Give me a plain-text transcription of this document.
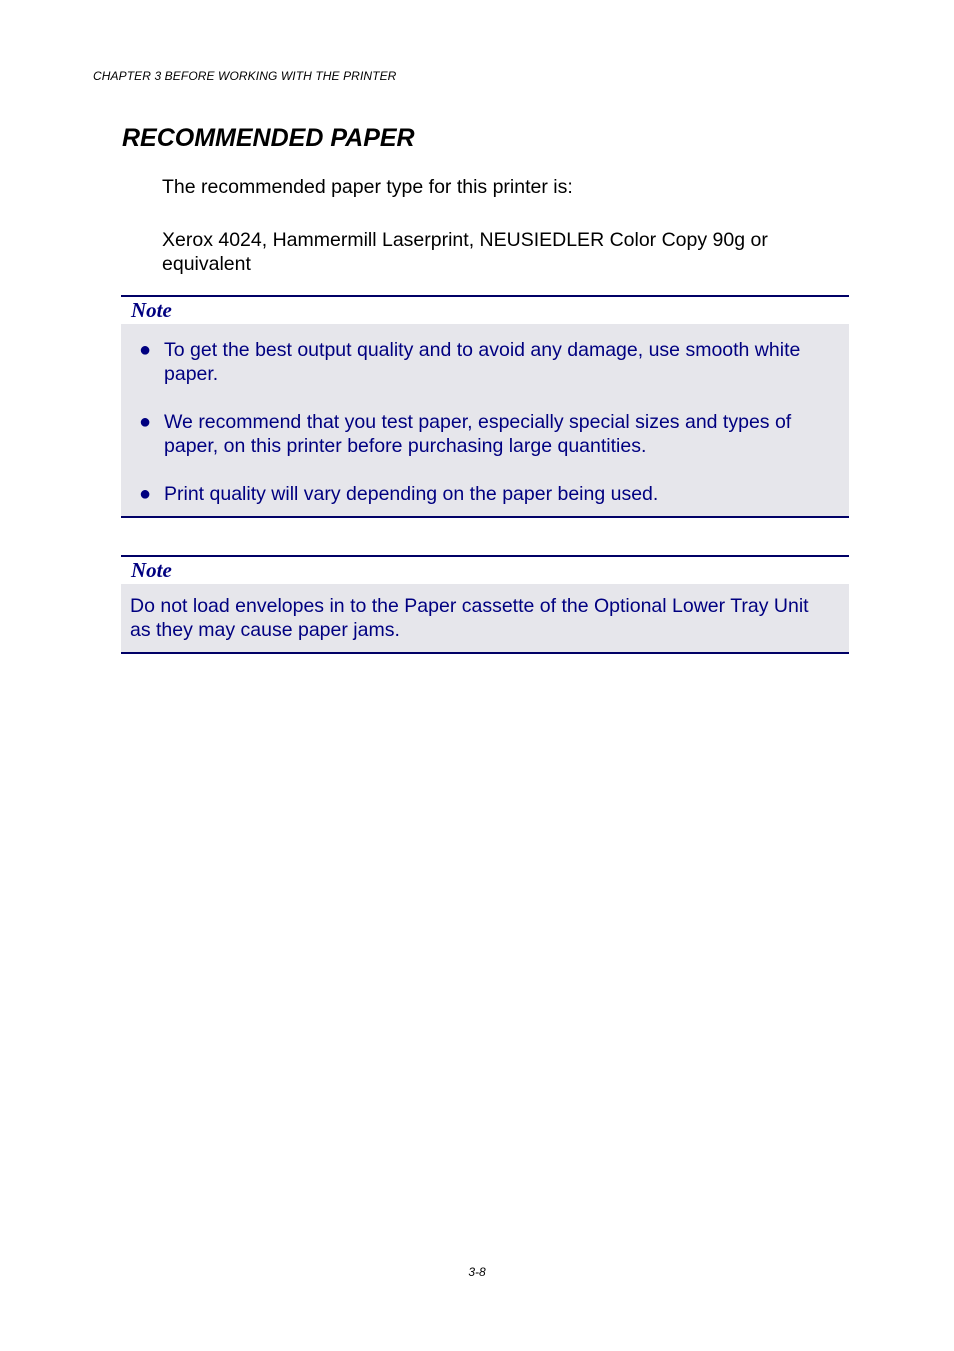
CHAPTER 3 BEFORE WORKING WITH THE PRINTER
RECOMMENDED PAPER

The recommended paper type for this printer is:

Xerox 4024, Hammermill Laserprint, NEUSIEDLER Color Copy 90g or equivalent

Note
● To get the best output quality and to avoid any damage, use smooth white paper.
● We recommend that you test paper, especially special sizes and types of paper, on this printer before purchasing large quantities.
● Print quality will vary depending on the paper being used.
Note
Do not load envelopes in to the Paper cassette of the Optional Lower Tray Unit as they may cause paper jams.
3-8
